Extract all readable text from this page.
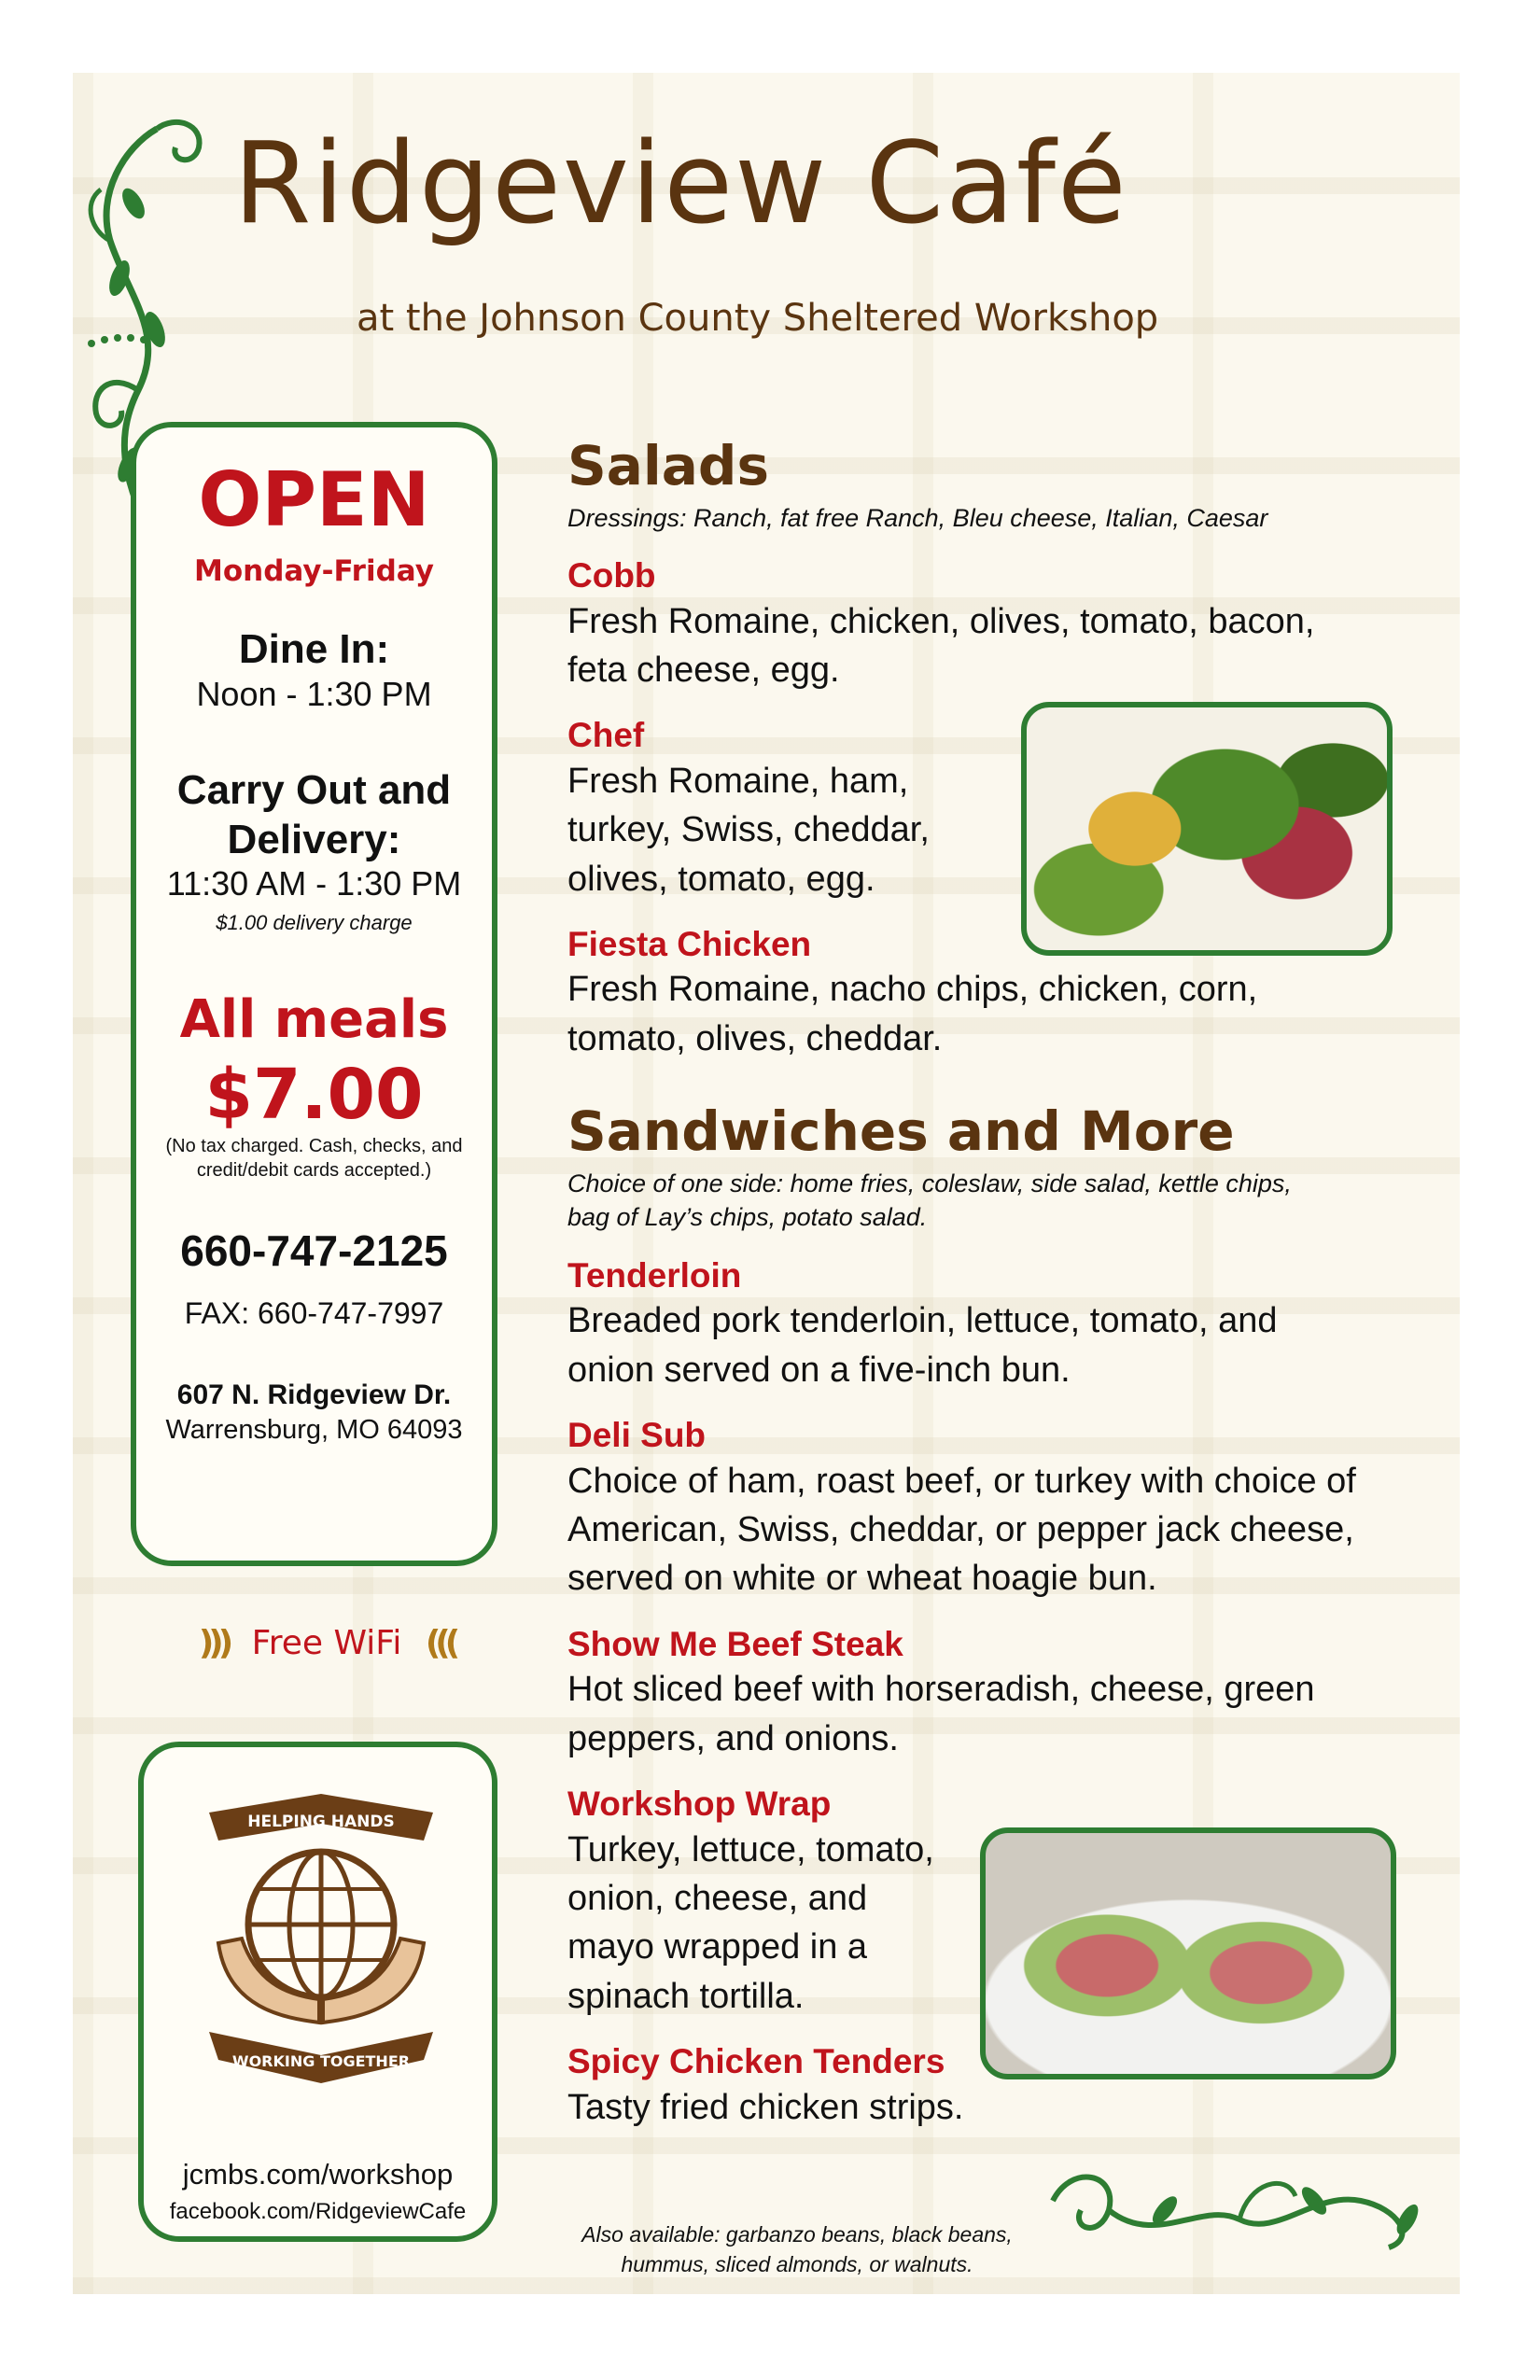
Ridgeview Café
at the Johnson County Sheltered Workshop
OPEN
Monday-Friday
Dine In:
Noon - 1:30 PM
Carry Out and
Delivery:
11:30 AM - 1:30 PM
$1.00 delivery charge
All meals
$7.00
(No tax charged. Cash, checks, and credit/debit cards accepted.)
660-747-2125
FAX: 660-747-7997
607 N. Ridgeview Dr.
Warrensburg, MO 64093
))) Free WiFi (((
HELPING HANDS
WORKING TOGETHER
jcmbs.com/workshop
facebook.com/RidgeviewCafe
Salads
Dressings: Ranch, fat free Ranch, Bleu cheese, Italian, Caesar
Cobb
Fresh Romaine, chicken, olives, tomato, bacon, feta cheese, egg.
Chef
Fresh Romaine, ham, turkey, Swiss, cheddar, olives, tomato, egg.
Fiesta Chicken
Fresh Romaine, nacho chips, chicken, corn, tomato, olives, cheddar.
Sandwiches and More
Choice of one side: home fries, coleslaw, side salad, kettle chips, bag of Lay’s chips, potato salad.
Tenderloin
Breaded pork tenderloin, lettuce, tomato, and onion served on a five-inch bun.
Deli Sub
Choice of ham, roast beef, or turkey with choice of American, Swiss, cheddar, or pepper jack cheese, served on white or wheat hoagie bun.
Show Me Beef Steak
Hot sliced beef with horseradish, cheese, green peppers, and onions.
Workshop Wrap
Turkey, lettuce, tomato, onion, cheese, and mayo wrapped in a spinach tortilla.
Spicy Chicken Tenders
Tasty fried chicken strips.
Also available: garbanzo beans, black beans, hummus, sliced almonds, or walnuts.
